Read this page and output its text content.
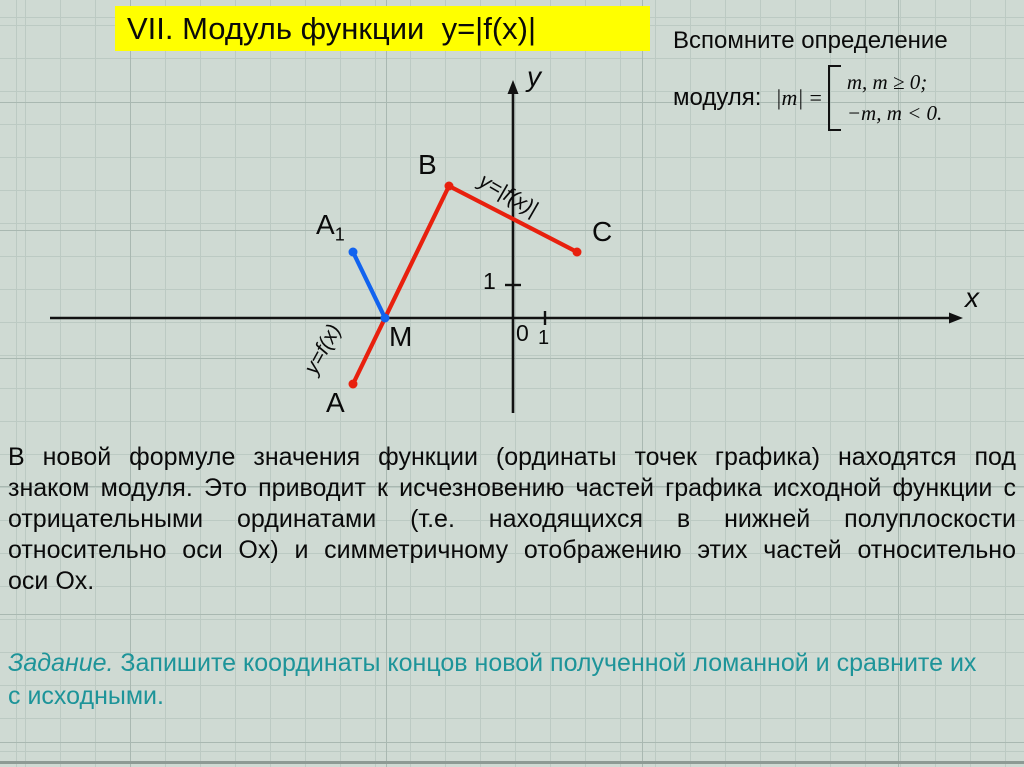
VII. Модуль функции  y=|f(x)|	Вспомните определение
модуля: |m| =
m, m ≥ 0;
−m, m < 0.
B
$A_1$	C
M
A
x
y
0
1
1
y=|f(x)|
y=f(x)
В новой формуле значения функции (ординаты точек графика) находятся под
знаком модуля. Это приводит к исчезновению частей графика исходной функции с
отрицательными ординатами (т.е. находящихся в нижней полуплоскости
относительно оси Ox) и симметричному отображению этих частей относительно
оси Ox.
Задание. Запишите координаты концов новой полученной ломанной и сравните их
с исходными.
